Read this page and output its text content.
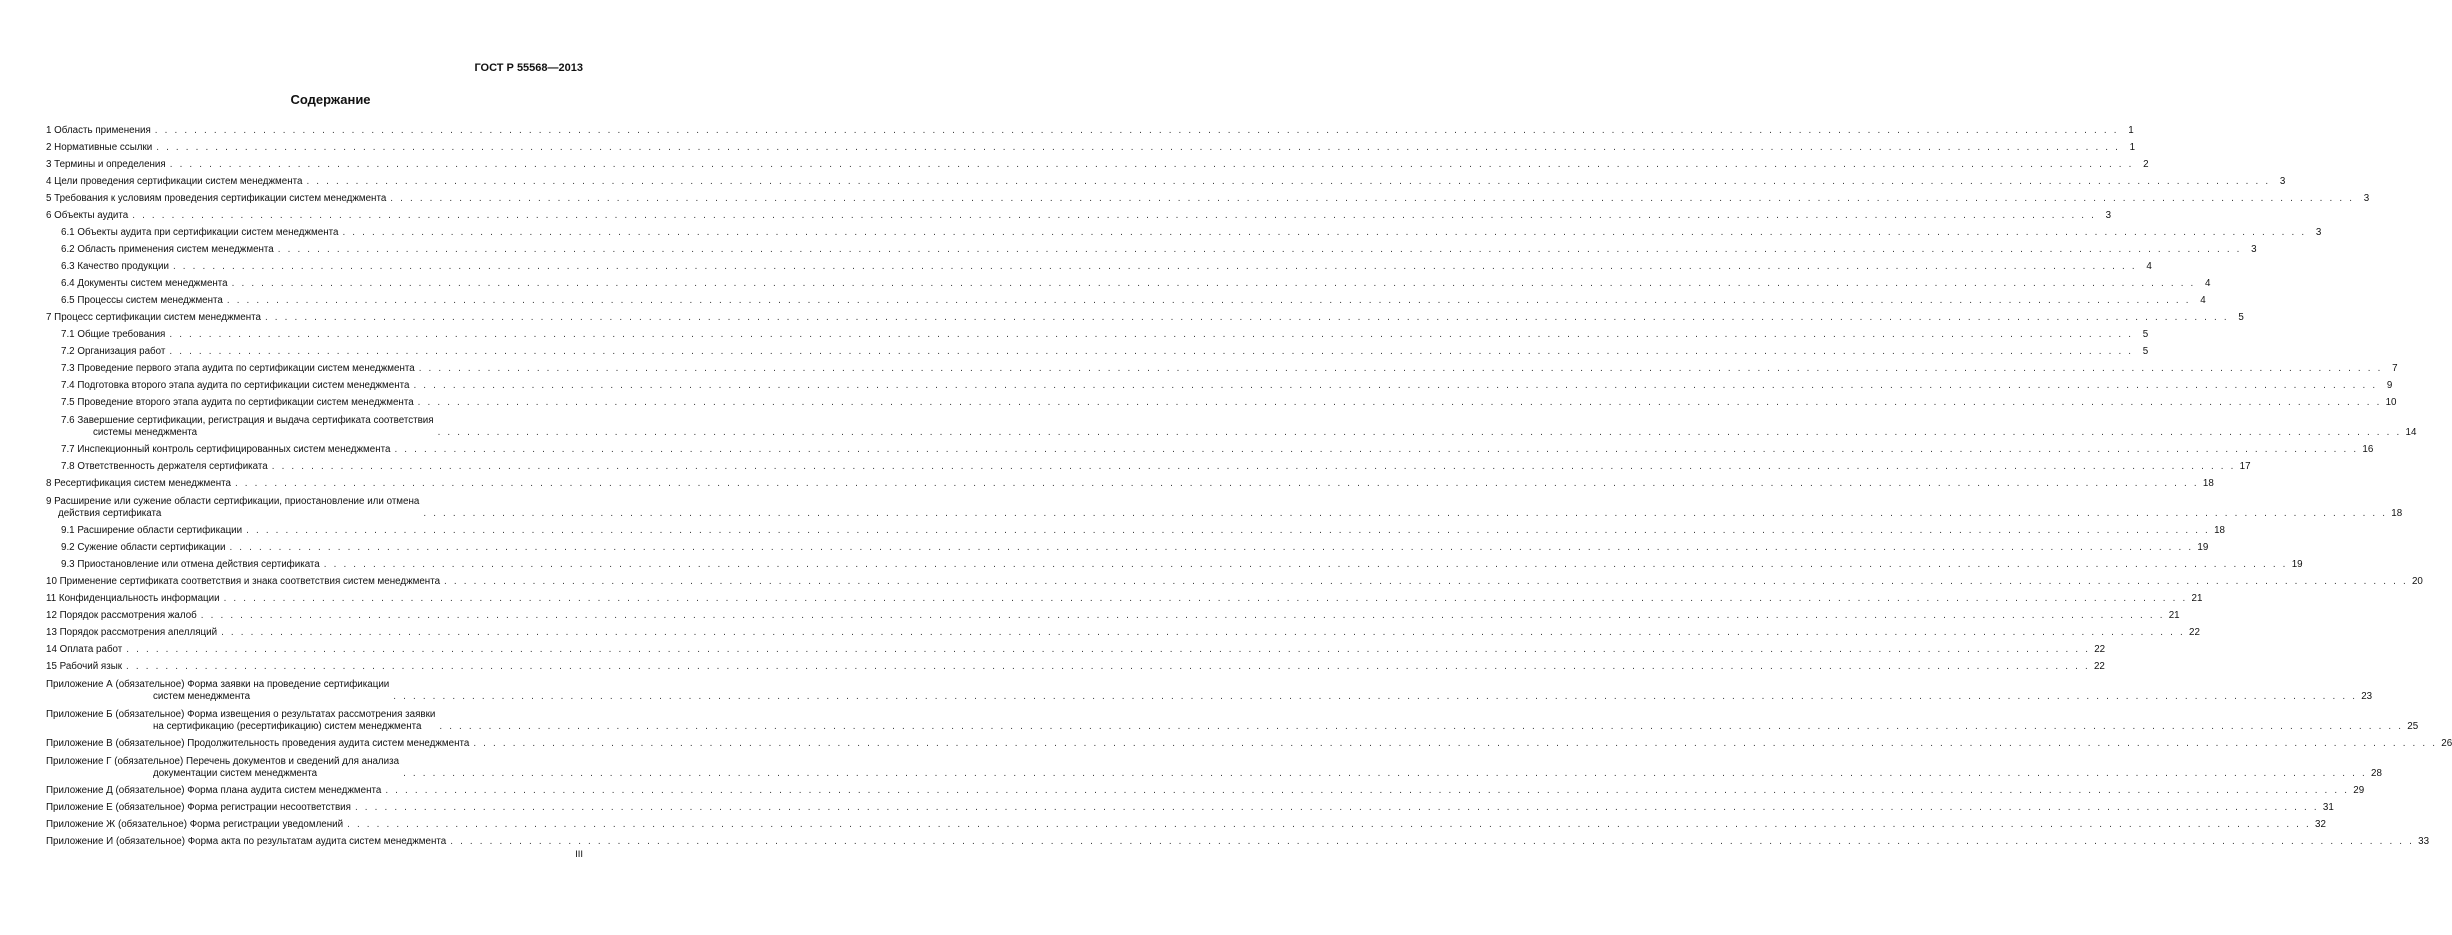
ГОСТ Р 55568—2013
Содержание
1 Область применения . . . . . . . . . . . . . . . . . . . . . . . . . . . . . . . . . . . . . . . . . . . . . . . . . . . . . . . . . . . . . . . . . . . . . . . . . . . . . . . . . . . . . . . . . . . . . . . . . . . . . . . . . . . . . . . . . . . . . . . . . . . . . . . . . . . . . . . . . . . . . . . . . . . . . . . . . . . . . . . . . . . . . . . . . . . . . . . . . . . . . . . . . . . . . . . . . . . . . . . . 1
2 Нормативные ссылки . . . . . . . . . . . . . . . . . . . . . . . . . . . . . . . . . . . . . . . . . . . . . . . . . . . . . . . . . . . . . . . . . . . . . . . . . . . . . . . . . . . . . . . . . . . . . . . . . . . . . . . . . . . . . . . . . . . . . . . . . . . . . . . . . . . . . . . . . . . . . . . . . . . . . . . . . . . . . . . . . . . . . . . . . . . . . . . . . . . . . . . . . . . . . . . . . . . . . . . . 1
3 Термины и определения . . . . . . . . . . . . . . . . . . . . . . . . . . . . . . . . . . . . . . . . . . . . . . . . . . . . . . . . . . . . . . . . . . . . . . . . . . . . . . . . . . . . . . . . . . . . . . . . . . . . . . . . . . . . . . . . . . . . . . . . . . . . . . . . . . . . . . . . . . . . . . . . . . . . . . . . . . . . . . . . . . . . . . . . . . . . . . . . . . . . . . . . . . . . . . . . . . . . . . . . 2
4 Цели проведения сертификации систем менеджмента . . . . . . . . . . . . . . . . . . . . . . . . . . . . . . . . . . . . . . . . . . . . . . . . . . . . . . . . . . . . . . . . . . . . . . . . . . . . . . . . . . . . . . . . . . . . . . . . . . . . . . . . . . . . . . . . . . . . . . . . . . . . . . . . . . . . . . . . . . . . . . . . . . . . . . . . . . . . . . . . . . . . . . . . . . . . . . . . . . . . . . . . . . . . . . . . . . . . . . . . 3
5 Требования к условиям проведения сертификации систем менеджмента . . . . . . . . . . . . . . . . . . . . . . . . . . . . . . . . . . . . . . . . . . . . . . . . . . . . . . . . . . . . . . . . . . . . . . . . . . . . . . . . . . . . . . . . . . . . . . . . . . . . . . . . . . . . . . . . . . . . . . . . . . . . . . . . . . . . . . . . . . . . . . . . . . . . . . . . . . . . . . . . . . . . . . . . . . . . . . . . . . . . . . . . . . . . . . . . . . . . . . . . 3
6 Объекты аудита . . . . . . . . . . . . . . . . . . . . . . . . . . . . . . . . . . . . . . . . . . . . . . . . . . . . . . . . . . . . . . . . . . . . . . . . . . . . . . . . . . . . . . . . . . . . . . . . . . . . . . . . . . . . . . . . . . . . . . . . . . . . . . . . . . . . . . . . . . . . . . . . . . . . . . . . . . . . . . . . . . . . . . . . . . . . . . . . . . . . . . . . . . . . . . . . . . . . . . . . 3
6.1 Объекты аудита при сертификации систем менеджмента . . . . . . . . . . . . . . . . . . . . . . . . . . . . . . . . . . . . . . . . . . . . . . . . . . . . . . . . . . . . . . . . . . . . . . . . . . . . . . . . . . . . . . . . . . . . . . . . . . . . . . . . . . . . . . . . . . . . . . . . . . . . . . . . . . . . . . . . . . . . . . . . . . . . . . . . . . . . . . . . . . . . . . . . . . . . . . . . . . . . . . . . . . . . . . . . . . . . . . . . 3
6.2 Область применения систем менеджмента . . . . . . . . . . . . . . . . . . . . . . . . . . . . . . . . . . . . . . . . . . . . . . . . . . . . . . . . . . . . . . . . . . . . . . . . . . . . . . . . . . . . . . . . . . . . . . . . . . . . . . . . . . . . . . . . . . . . . . . . . . . . . . . . . . . . . . . . . . . . . . . . . . . . . . . . . . . . . . . . . . . . . . . . . . . . . . . . . . . . . . . . . . . . . . . . . . . . . . . . 3
6.3 Качество продукции . . . . . . . . . . . . . . . . . . . . . . . . . . . . . . . . . . . . . . . . . . . . . . . . . . . . . . . . . . . . . . . . . . . . . . . . . . . . . . . . . . . . . . . . . . . . . . . . . . . . . . . . . . . . . . . . . . . . . . . . . . . . . . . . . . . . . . . . . . . . . . . . . . . . . . . . . . . . . . . . . . . . . . . . . . . . . . . . . . . . . . . . . . . . . . . . . . . . . . . . 4
6.4 Документы систем менеджмента . . . . . . . . . . . . . . . . . . . . . . . . . . . . . . . . . . . . . . . . . . . . . . . . . . . . . . . . . . . . . . . . . . . . . . . . . . . . . . . . . . . . . . . . . . . . . . . . . . . . . . . . . . . . . . . . . . . . . . . . . . . . . . . . . . . . . . . . . . . . . . . . . . . . . . . . . . . . . . . . . . . . . . . . . . . . . . . . . . . . . . . . . . . . . . . . . . . . . . . . 4
6.5 Процессы систем менеджмента . . . . . . . . . . . . . . . . . . . . . . . . . . . . . . . . . . . . . . . . . . . . . . . . . . . . . . . . . . . . . . . . . . . . . . . . . . . . . . . . . . . . . . . . . . . . . . . . . . . . . . . . . . . . . . . . . . . . . . . . . . . . . . . . . . . . . . . . . . . . . . . . . . . . . . . . . . . . . . . . . . . . . . . . . . . . . . . . . . . . . . . . . . . . . . . . . . . . . . . . 4
7 Процесс сертификации систем менеджмента . . . . . . . . . . . . . . . . . . . . . . . . . . . . . . . . . . . . . . . . . . . . . . . . . . . . . . . . . . . . . . . . . . . . . . . . . . . . . . . . . . . . . . . . . . . . . . . . . . . . . . . . . . . . . . . . . . . . . . . . . . . . . . . . . . . . . . . . . . . . . . . . . . . . . . . . . . . . . . . . . . . . . . . . . . . . . . . . . . . . . . . . . . . . . . . . . . . . . . . . 5
7.1 Общие требования . . . . . . . . . . . . . . . . . . . . . . . . . . . . . . . . . . . . . . . . . . . . . . . . . . . . . . . . . . . . . . . . . . . . . . . . . . . . . . . . . . . . . . . . . . . . . . . . . . . . . . . . . . . . . . . . . . . . . . . . . . . . . . . . . . . . . . . . . . . . . . . . . . . . . . . . . . . . . . . . . . . . . . . . . . . . . . . . . . . . . . . . . . . . . . . . . . . . . . . . 5
7.2 Организация работ . . . . . . . . . . . . . . . . . . . . . . . . . . . . . . . . . . . . . . . . . . . . . . . . . . . . . . . . . . . . . . . . . . . . . . . . . . . . . . . . . . . . . . . . . . . . . . . . . . . . . . . . . . . . . . . . . . . . . . . . . . . . . . . . . . . . . . . . . . . . . . . . . . . . . . . . . . . . . . . . . . . . . . . . . . . . . . . . . . . . . . . . . . . . . . . . . . . . . . . . 5
7.3 Проведение первого этапа аудита по сертификации систем менеджмента . . . . . . . . . . . . . . . . . . . . . . . . . . . . . . . . . . . . . . . . . . . . . . . . . . . . . . . . . . . . . . . . . . . . . . . . . . . . . . . . . . . . . . . . . . . . . . . . . . . . . . . . . . . . . . . . . . . . . . . . . . . . . . . . . . . . . . . . . . . . . . . . . . . . . . . . . . . . . . . . . . . . . . . . . . . . . . . . . . . . . . . . . . . . . . . . . . . . . . . . 7
7.4 Подготовка второго этапа аудита по сертификации систем менеджмента . . . . . . . . . . . . . . . . . . . . . . . . . . . . . . . . . . . . . . . . . . . . . . . . . . . . . . . . . . . . . . . . . . . . . . . . . . . . . . . . . . . . . . . . . . . . . . . . . . . . . . . . . . . . . . . . . . . . . . . . . . . . . . . . . . . . . . . . . . . . . . . . . . . . . . . . . . . . . . . . . . . . . . . . . . . . . . . . . . . . . . . . . . . . . . . . . . . . . . . . 9
7.5 Проведение второго этапа аудита по сертификации систем менеджмента . . . . . . . . . . . . . . . . . . . . . . . . . . . . . . . . . . . . . . . . . . . . . . . . . . . . . . . . . . . . . . . . . . . . . . . . . . . . . . . . . . . . . . . . . . . . . . . . . . . . . . . . . . . . . . . . . . . . . . . . . . . . . . . . . . . . . . . . . . . . . . . . . . . . . . . . . . . . . . . . . . . . . . . . . . . . . . . . . . . . . . . . . . . . . . . . . . . . . . . . 10
7.6 Завершение сертификации, регистрация и выдача сертификата соответствия
системы менеджмента	. . . . . . . . . . . . . . . . . . . . . . . . . . . . . . . . . . . . . . . . . . . . . . . . . . . . . . . . . . . . . . . . . . . . . . . . . . . . . . . . . . . . . . . . . . . . . . . . . . . . . . . . . . . . . . . . . . . . . . . . . . . . . . . . . . . . . . . . . . . . . . . . . . . . . . . . . . . . . . . . . . . . . . . . . . . . . . . . . . . . . . . . . . . . . . . . . . . . . . . . 14
7.7 Инспекционный контроль сертифицированных систем менеджмента . . . . . . . . . . . . . . . . . . . . . . . . . . . . . . . . . . . . . . . . . . . . . . . . . . . . . . . . . . . . . . . . . . . . . . . . . . . . . . . . . . . . . . . . . . . . . . . . . . . . . . . . . . . . . . . . . . . . . . . . . . . . . . . . . . . . . . . . . . . . . . . . . . . . . . . . . . . . . . . . . . . . . . . . . . . . . . . . . . . . . . . . . . . . . . . . . . . . . . . . 16
7.8 Ответственность держателя сертификата . . . . . . . . . . . . . . . . . . . . . . . . . . . . . . . . . . . . . . . . . . . . . . . . . . . . . . . . . . . . . . . . . . . . . . . . . . . . . . . . . . . . . . . . . . . . . . . . . . . . . . . . . . . . . . . . . . . . . . . . . . . . . . . . . . . . . . . . . . . . . . . . . . . . . . . . . . . . . . . . . . . . . . . . . . . . . . . . . . . . . . . . . . . . . . . . . . . . . . . . 17
8 Ресертификация систем менеджмента . . . . . . . . . . . . . . . . . . . . . . . . . . . . . . . . . . . . . . . . . . . . . . . . . . . . . . . . . . . . . . . . . . . . . . . . . . . . . . . . . . . . . . . . . . . . . . . . . . . . . . . . . . . . . . . . . . . . . . . . . . . . . . . . . . . . . . . . . . . . . . . . . . . . . . . . . . . . . . . . . . . . . . . . . . . . . . . . . . . . . . . . . . . . . . . . . . . . . . . . 18
9 Расширение или сужение области сертификации, приостановление или отмена
действия сертификата	. . . . . . . . . . . . . . . . . . . . . . . . . . . . . . . . . . . . . . . . . . . . . . . . . . . . . . . . . . . . . . . . . . . . . . . . . . . . . . . . . . . . . . . . . . . . . . . . . . . . . . . . . . . . . . . . . . . . . . . . . . . . . . . . . . . . . . . . . . . . . . . . . . . . . . . . . . . . . . . . . . . . . . . . . . . . . . . . . . . . . . . . . . . . . . . . . . . . . . . . 18
9.1 Расширение области сертификации . . . . . . . . . . . . . . . . . . . . . . . . . . . . . . . . . . . . . . . . . . . . . . . . . . . . . . . . . . . . . . . . . . . . . . . . . . . . . . . . . . . . . . . . . . . . . . . . . . . . . . . . . . . . . . . . . . . . . . . . . . . . . . . . . . . . . . . . . . . . . . . . . . . . . . . . . . . . . . . . . . . . . . . . . . . . . . . . . . . . . . . . . . . . . . . . . . . . . . . . 18
9.2 Сужение области сертификации . . . . . . . . . . . . . . . . . . . . . . . . . . . . . . . . . . . . . . . . . . . . . . . . . . . . . . . . . . . . . . . . . . . . . . . . . . . . . . . . . . . . . . . . . . . . . . . . . . . . . . . . . . . . . . . . . . . . . . . . . . . . . . . . . . . . . . . . . . . . . . . . . . . . . . . . . . . . . . . . . . . . . . . . . . . . . . . . . . . . . . . . . . . . . . . . . . . . . . . . 19
9.3 Приостановление или отмена действия сертификата . . . . . . . . . . . . . . . . . . . . . . . . . . . . . . . . . . . . . . . . . . . . . . . . . . . . . . . . . . . . . . . . . . . . . . . . . . . . . . . . . . . . . . . . . . . . . . . . . . . . . . . . . . . . . . . . . . . . . . . . . . . . . . . . . . . . . . . . . . . . . . . . . . . . . . . . . . . . . . . . . . . . . . . . . . . . . . . . . . . . . . . . . . . . . . . . . . . . . . . . 19
10 Применение сертификата соответствия и знака соответствия систем менеджмента . . . . . . . . . . . . . . . . . . . . . . . . . . . . . . . . . . . . . . . . . . . . . . . . . . . . . . . . . . . . . . . . . . . . . . . . . . . . . . . . . . . . . . . . . . . . . . . . . . . . . . . . . . . . . . . . . . . . . . . . . . . . . . . . . . . . . . . . . . . . . . . . . . . . . . . . . . . . . . . . . . . . . . . . . . . . . . . . . . . . . . . . . . . . . . . . . . . . . . . . 20
11 Конфиденциальность информации . . . . . . . . . . . . . . . . . . . . . . . . . . . . . . . . . . . . . . . . . . . . . . . . . . . . . . . . . . . . . . . . . . . . . . . . . . . . . . . . . . . . . . . . . . . . . . . . . . . . . . . . . . . . . . . . . . . . . . . . . . . . . . . . . . . . . . . . . . . . . . . . . . . . . . . . . . . . . . . . . . . . . . . . . . . . . . . . . . . . . . . . . . . . . . . . . . . . . . . . 21
12 Порядок рассмотрения жалоб . . . . . . . . . . . . . . . . . . . . . . . . . . . . . . . . . . . . . . . . . . . . . . . . . . . . . . . . . . . . . . . . . . . . . . . . . . . . . . . . . . . . . . . . . . . . . . . . . . . . . . . . . . . . . . . . . . . . . . . . . . . . . . . . . . . . . . . . . . . . . . . . . . . . . . . . . . . . . . . . . . . . . . . . . . . . . . . . . . . . . . . . . . . . . . . . . . . . . . . . 21
13 Порядок рассмотрения апелляций . . . . . . . . . . . . . . . . . . . . . . . . . . . . . . . . . . . . . . . . . . . . . . . . . . . . . . . . . . . . . . . . . . . . . . . . . . . . . . . . . . . . . . . . . . . . . . . . . . . . . . . . . . . . . . . . . . . . . . . . . . . . . . . . . . . . . . . . . . . . . . . . . . . . . . . . . . . . . . . . . . . . . . . . . . . . . . . . . . . . . . . . . . . . . . . . . . . . . . . . 22
14 Оплата работ . . . . . . . . . . . . . . . . . . . . . . . . . . . . . . . . . . . . . . . . . . . . . . . . . . . . . . . . . . . . . . . . . . . . . . . . . . . . . . . . . . . . . . . . . . . . . . . . . . . . . . . . . . . . . . . . . . . . . . . . . . . . . . . . . . . . . . . . . . . . . . . . . . . . . . . . . . . . . . . . . . . . . . . . . . . . . . . . . . . . . . . . . . . . . . . . . . . . . . . . 22
15 Рабочий язык . . . . . . . . . . . . . . . . . . . . . . . . . . . . . . . . . . . . . . . . . . . . . . . . . . . . . . . . . . . . . . . . . . . . . . . . . . . . . . . . . . . . . . . . . . . . . . . . . . . . . . . . . . . . . . . . . . . . . . . . . . . . . . . . . . . . . . . . . . . . . . . . . . . . . . . . . . . . . . . . . . . . . . . . . . . . . . . . . . . . . . . . . . . . . . . . . . . . . . . . 22
Приложение А (обязательное) Форма заявки на проведение сертификации
систем менеджмента	. . . . . . . . . . . . . . . . . . . . . . . . . . . . . . . . . . . . . . . . . . . . . . . . . . . . . . . . . . . . . . . . . . . . . . . . . . . . . . . . . . . . . . . . . . . . . . . . . . . . . . . . . . . . . . . . . . . . . . . . . . . . . . . . . . . . . . . . . . . . . . . . . . . . . . . . . . . . . . . . . . . . . . . . . . . . . . . . . . . . . . . . . . . . . . . . . . . . . . . . 23
Приложение Б (обязательное) Форма извещения о результатах рассмотрения заявки
на сертификацию (ресертификацию) систем менеджмента	. . . . . . . . . . . . . . . . . . . . . . . . . . . . . . . . . . . . . . . . . . . . . . . . . . . . . . . . . . . . . . . . . . . . . . . . . . . . . . . . . . . . . . . . . . . . . . . . . . . . . . . . . . . . . . . . . . . . . . . . . . . . . . . . . . . . . . . . . . . . . . . . . . . . . . . . . . . . . . . . . . . . . . . . . . . . . . . . . . . . . . . . . . . . . . . . . . . . . . . . 25
Приложение В (обязательное) Продолжительность проведения аудита систем менеджмента . . . . . . . . . . . . . . . . . . . . . . . . . . . . . . . . . . . . . . . . . . . . . . . . . . . . . . . . . . . . . . . . . . . . . . . . . . . . . . . . . . . . . . . . . . . . . . . . . . . . . . . . . . . . . . . . . . . . . . . . . . . . . . . . . . . . . . . . . . . . . . . . . . . . . . . . . . . . . . . . . . . . . . . . . . . . . . . . . . . . . . . . . . . . . . . . . . . . . . . . 26
Приложение Г (обязательное) Перечень документов и сведений для анализа
документации систем менеджмента	. . . . . . . . . . . . . . . . . . . . . . . . . . . . . . . . . . . . . . . . . . . . . . . . . . . . . . . . . . . . . . . . . . . . . . . . . . . . . . . . . . . . . . . . . . . . . . . . . . . . . . . . . . . . . . . . . . . . . . . . . . . . . . . . . . . . . . . . . . . . . . . . . . . . . . . . . . . . . . . . . . . . . . . . . . . . . . . . . . . . . . . . . . . . . . . . . . . . . . . . 28
Приложение Д (обязательное) Форма плана аудита систем менеджмента . . . . . . . . . . . . . . . . . . . . . . . . . . . . . . . . . . . . . . . . . . . . . . . . . . . . . . . . . . . . . . . . . . . . . . . . . . . . . . . . . . . . . . . . . . . . . . . . . . . . . . . . . . . . . . . . . . . . . . . . . . . . . . . . . . . . . . . . . . . . . . . . . . . . . . . . . . . . . . . . . . . . . . . . . . . . . . . . . . . . . . . . . . . . . . . . . . . . . . . . 29
Приложение Е (обязательное) Форма регистрации несоответствия . . . . . . . . . . . . . . . . . . . . . . . . . . . . . . . . . . . . . . . . . . . . . . . . . . . . . . . . . . . . . . . . . . . . . . . . . . . . . . . . . . . . . . . . . . . . . . . . . . . . . . . . . . . . . . . . . . . . . . . . . . . . . . . . . . . . . . . . . . . . . . . . . . . . . . . . . . . . . . . . . . . . . . . . . . . . . . . . . . . . . . . . . . . . . . . . . . . . . . . . 31
Приложение Ж (обязательное) Форма регистрации уведомлений . . . . . . . . . . . . . . . . . . . . . . . . . . . . . . . . . . . . . . . . . . . . . . . . . . . . . . . . . . . . . . . . . . . . . . . . . . . . . . . . . . . . . . . . . . . . . . . . . . . . . . . . . . . . . . . . . . . . . . . . . . . . . . . . . . . . . . . . . . . . . . . . . . . . . . . . . . . . . . . . . . . . . . . . . . . . . . . . . . . . . . . . . . . . . . . . . . . . . . . . 32
Приложение И (обязательное) Форма акта по результатам аудита систем менеджмента . . . . . . . . . . . . . . . . . . . . . . . . . . . . . . . . . . . . . . . . . . . . . . . . . . . . . . . . . . . . . . . . . . . . . . . . . . . . . . . . . . . . . . . . . . . . . . . . . . . . . . . . . . . . . . . . . . . . . . . . . . . . . . . . . . . . . . . . . . . . . . . . . . . . . . . . . . . . . . . . . . . . . . . . . . . . . . . . . . . . . . . . . . . . . . . . . . . . . . . . 33
III
